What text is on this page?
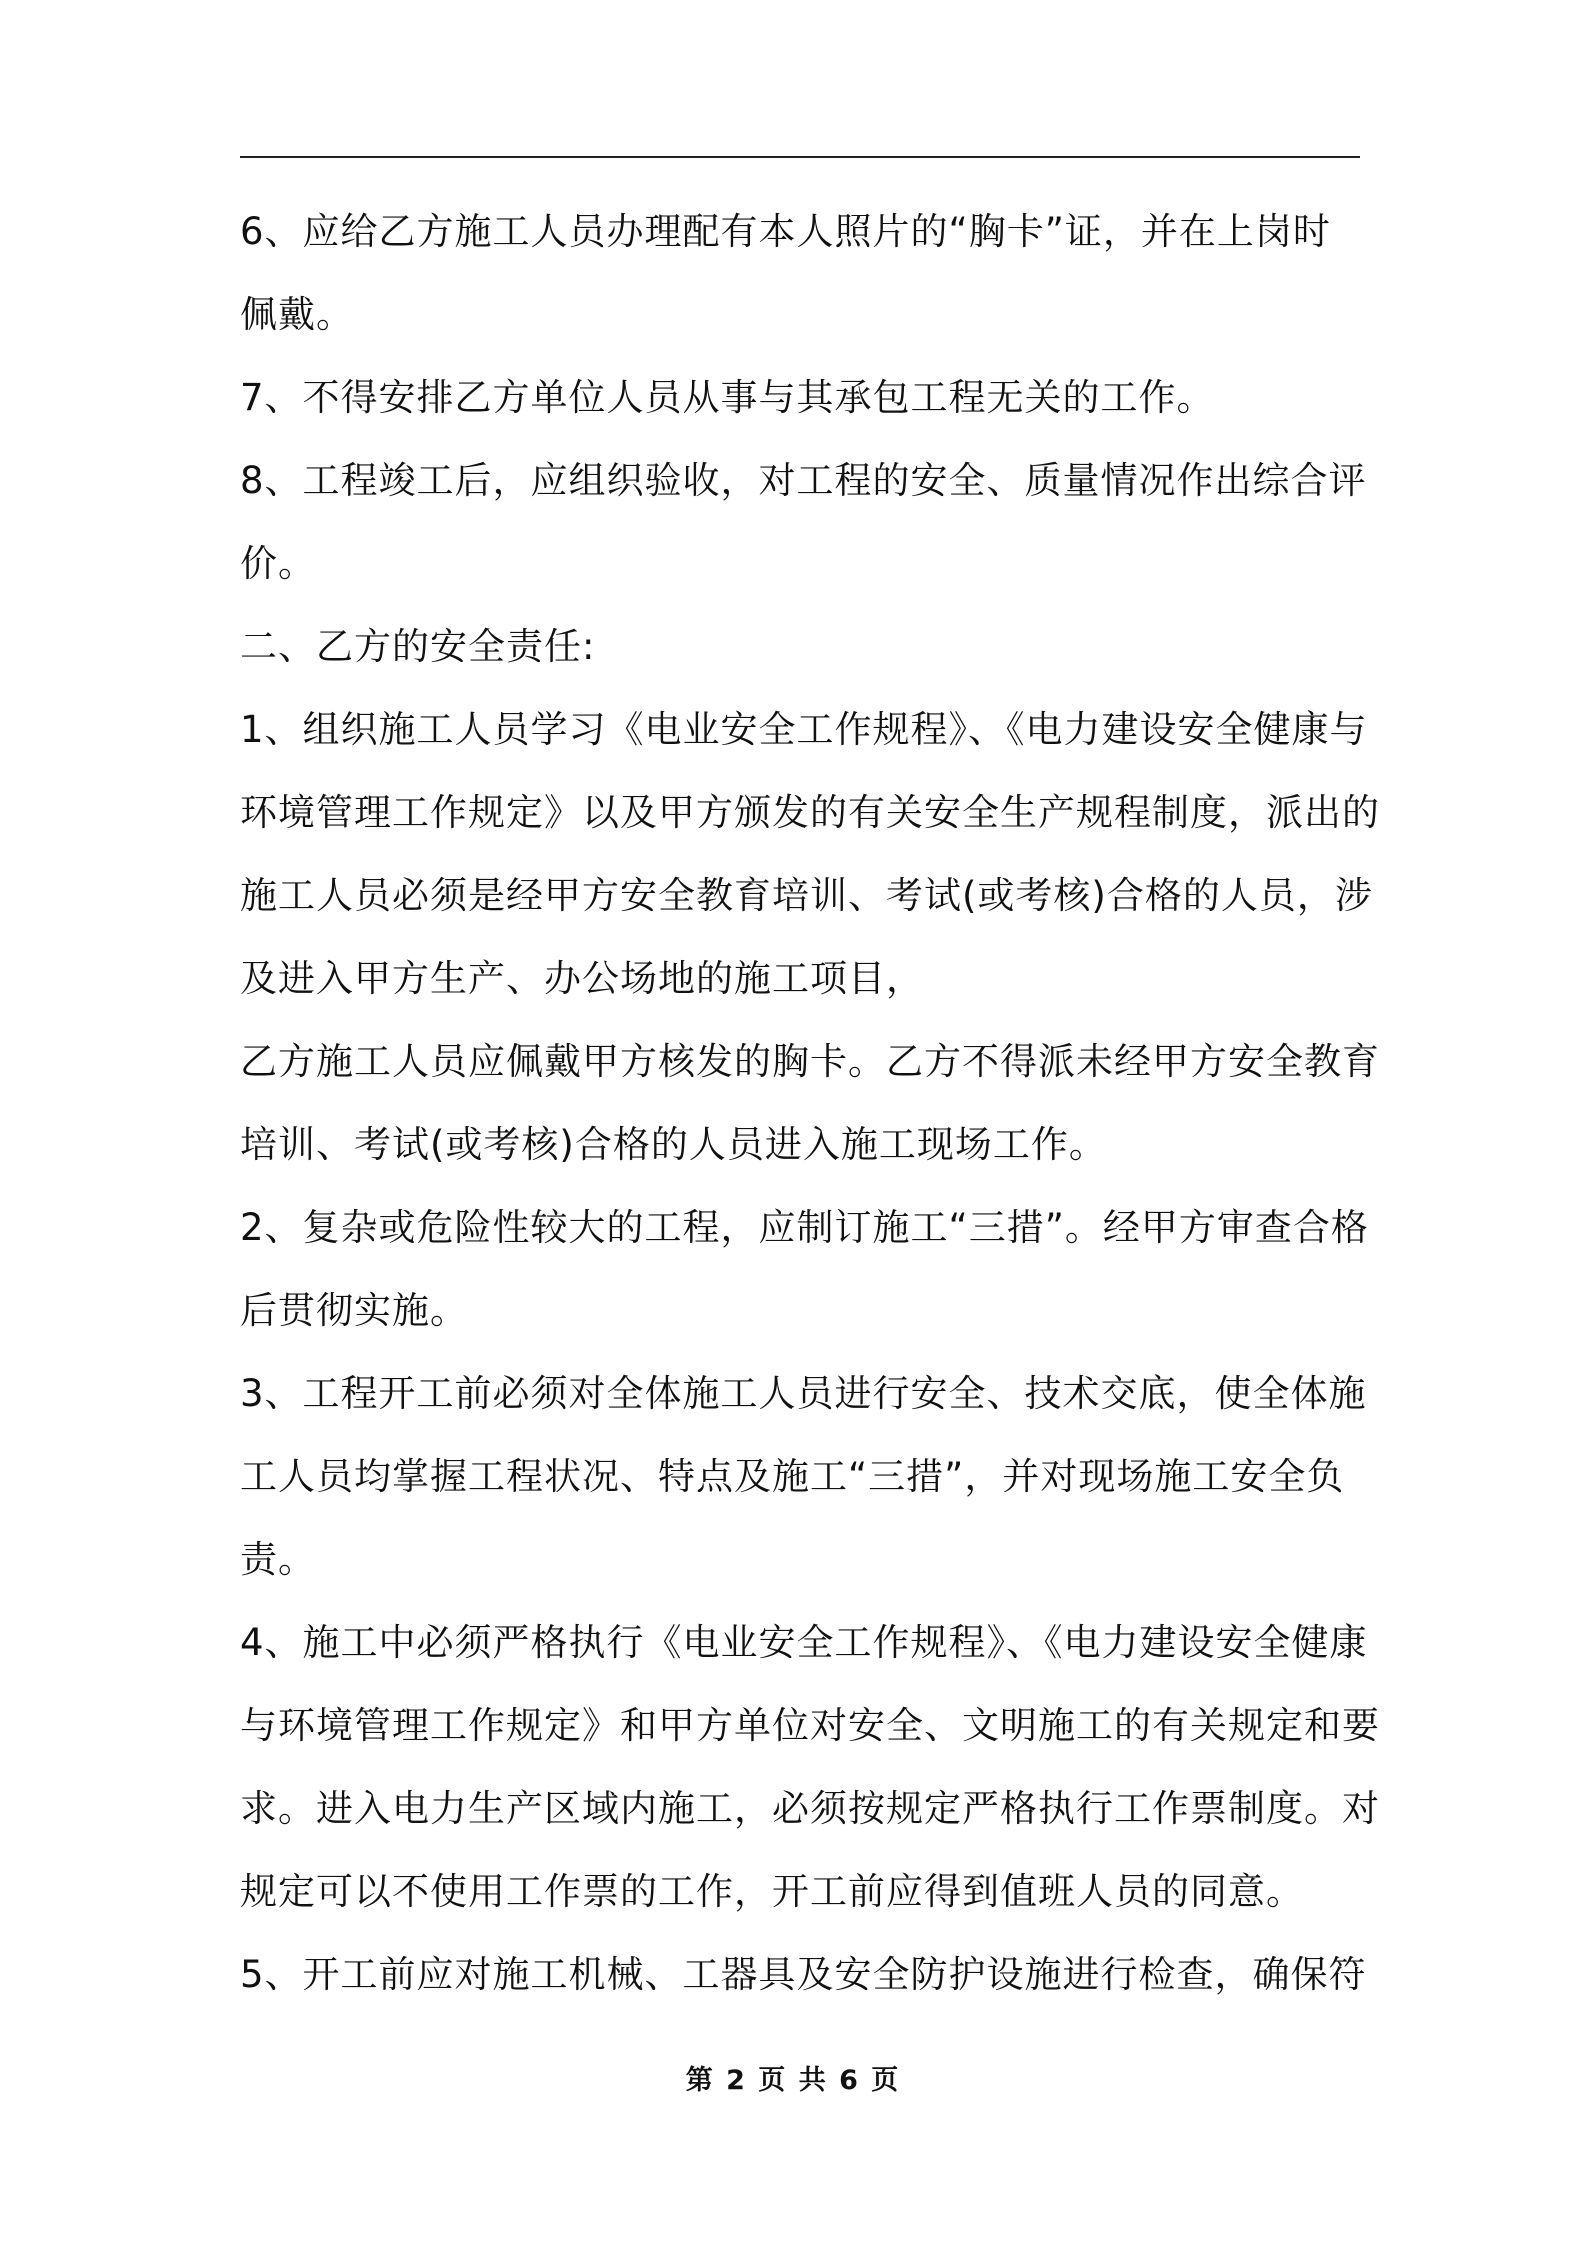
6、应给乙方施工人员办理配有本人照片的“胸卡”证，并在上岗时
佩戴。
7、不得安排乙方单位人员从事与其承包工程无关的工作。
8、工程竣工后，应组织验收，对工程的安全、质量情况作出综合评
价。
二、乙方的安全责任:
1、组织施工人员学习《电业安全工作规程》、《电力建设安全健康与
环境管理工作规定》以及甲方颁发的有关安全生产规程制度，派出的
施工人员必须是经甲方安全教育培训、考试(或考核)合格的人员，涉
及进入甲方生产、办公场地的施工项目，
乙方施工人员应佩戴甲方核发的胸卡。乙方不得派未经甲方安全教育
培训、考试(或考核)合格的人员进入施工现场工作。
2、复杂或危险性较大的工程，应制订施工“三措”。经甲方审查合格
后贯彻实施。
3、工程开工前必须对全体施工人员进行安全、技术交底，使全体施
工人员均掌握工程状况、特点及施工“三措”，并对现场施工安全负
责。
4、施工中必须严格执行《电业安全工作规程》、《电力建设安全健康
与环境管理工作规定》和甲方单位对安全、文明施工的有关规定和要
求。进入电力生产区域内施工，必须按规定严格执行工作票制度。对
规定可以不使用工作票的工作，开工前应得到值班人员的同意。
5、开工前应对施工机械、工器具及安全防护设施进行检查，确保符

第 2 页 共 6 页
